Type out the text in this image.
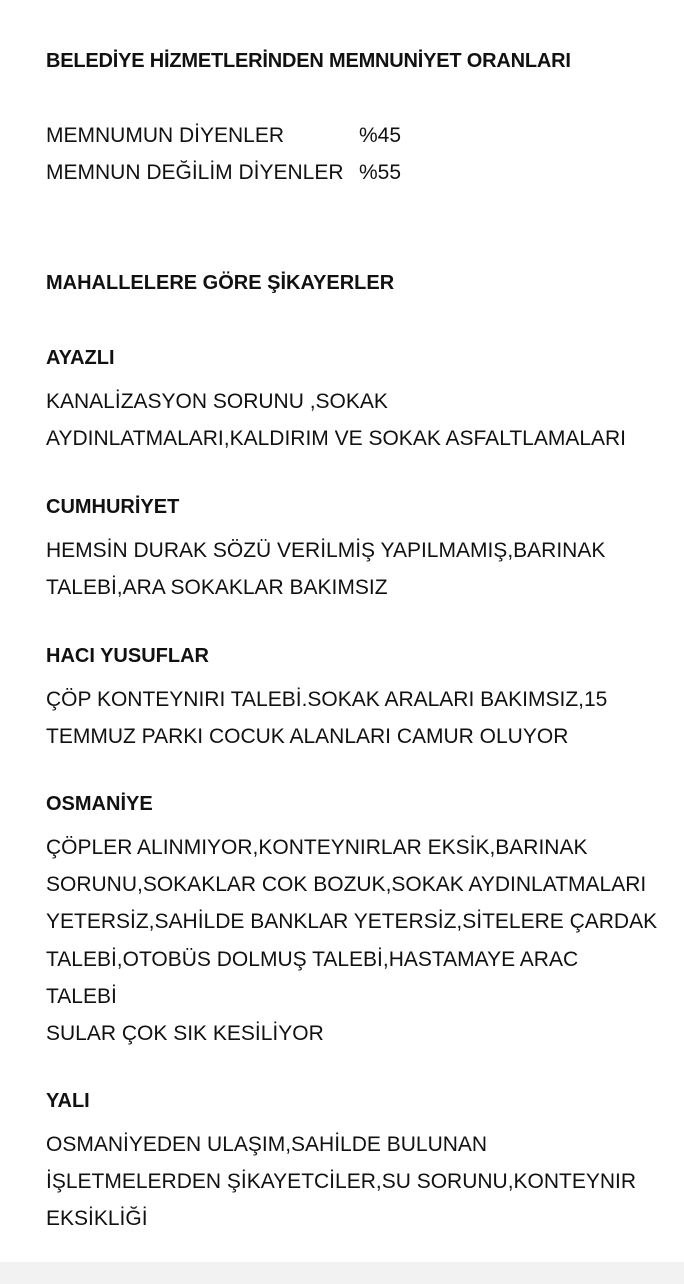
BELEDİYE HİZMETLERİNDEN MEMNUNİYET ORANLARI
MEMNUMUN DİYENLER	%45
MEMNUN DEĞİLİM DİYENLER %55
MAHALLELERE GÖRE ŞİKAYERLER
AYAZLI

KANALİZASYON SORUNU ,SOKAK
AYDINLATMALARI,KALDIRIM VE SOKAK ASFALTLAMALARI

CUMHURİYET

HEMSİN DURAK SÖZÜ VERİLMİŞ YAPILMAMIŞ,BARINAK
TALEBİ,ARA SOKAKLAR BAKIMSIZ

HACI YUSUFLAR

ÇÖP KONTEYNIRI TALEBİ.SOKAK ARALARI BAKIMSIZ,15
TEMMUZ PARKI COCUK ALANLARI CAMUR OLUYOR

OSMANİYE

ÇÖPLER ALINMIYOR,KONTEYNIRLAR EKSİK,BARINAK
SORUNU,SOKAKLAR COK BOZUK,SOKAK AYDINLATMALARI
YETERSİZ,SAHİLDE BANKLAR YETERSİZ,SİTELERE ÇARDAK
TALEBİ,OTOBÜS DOLMUŞ TALEBİ,HASTAMAYE ARAC
TALEBİ
SULAR ÇOK SIK KESİLİYOR

YALI

OSMANİYEDEN ULAŞIM,SAHİLDE BULUNAN
İŞLETMELERDEN ŞİKAYETCİLER,SU SORUNU,KONTEYNIR
EKSİKLİĞİ
